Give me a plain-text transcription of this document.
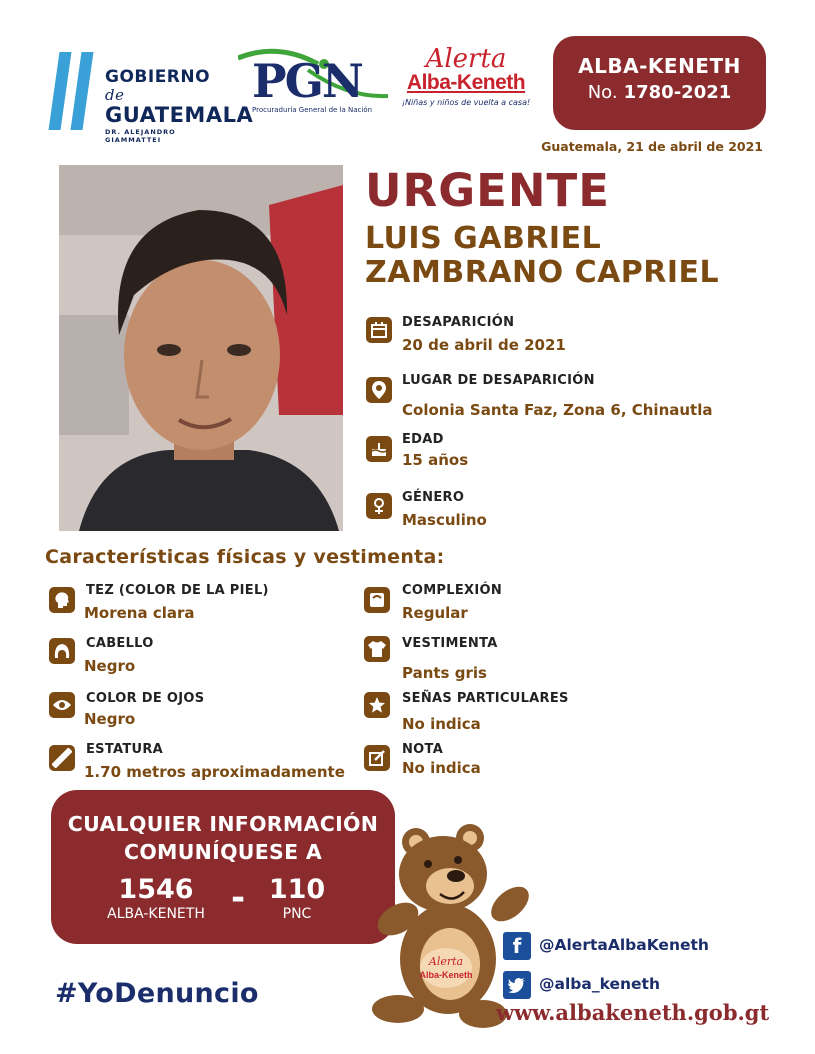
GOBIERNO de
GUATEMALA
DR. ALEJANDRO GIAMMATTEI
PGN
Procuraduría General de la Nación
Alerta
Alba-Keneth
¡Niñas y niños de vuelta a casa!
ALBA-KENETH
No. 1780-2021
Guatemala, 21 de abril de 2021
URGENTE
LUIS GABRIEL
ZAMBRANO CAPRIEL
DESAPARICIÓN
20 de abril de 2021
LUGAR DE DESAPARICIÓN
Colonia Santa Faz, Zona 6, Chinautla
EDAD
15 años
GÉNERO
Masculino
Características físicas y vestimenta:
TEZ (COLOR DE LA PIEL)
Morena clara
CABELLO
Negro
COLOR DE OJOS
Negro
ESTATURA
1.70 metros aproximadamente
COMPLEXIÓN
Regular
VESTIMENTA
Pants gris
SEÑAS PARTICULARES
No indica
NOTA
No indica
CUALQUIER INFORMACIÓN
COMUNÍQUESE A
1546
ALBA-KENETH - 110
PNC
Alerta
Alba-Keneth
#YoDenuncio
f	@AlertaAlbaKeneth
@alba_keneth
www.albakeneth.gob.gt
